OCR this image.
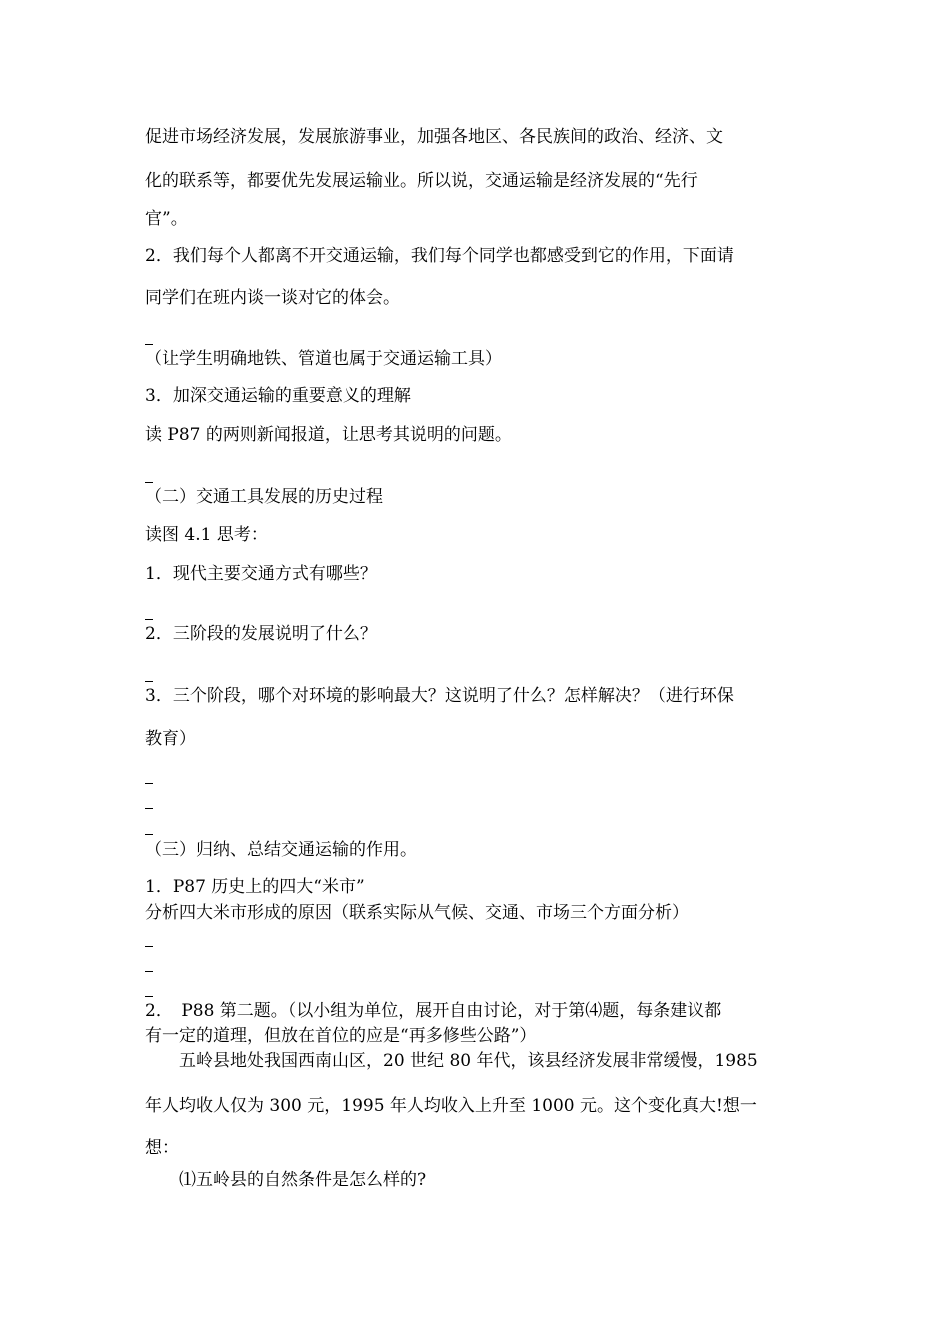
促进市场经济发展，发展旅游事业，加强各地区、各民族间的政治、经济、文
化的联系等，都要优先发展运输业。所以说，交通运输是经济发展的“先行
官”。
2．我们每个人都离不开交通运输，我们每个同学也都感受到它的作用，下面请
同学们在班内谈一谈对它的体会。
（让学生明确地铁、管道也属于交通运输工具）
3．加深交通运输的重要意义的理解
读 P87 的两则新闻报道，让思考其说明的问题。
（二）交通工具发展的历史过程
读图 4.1 思考：
1．现代主要交通方式有哪些？
2．三阶段的发展说明了什么？
3．三个阶段，哪个对环境的影响最大？这说明了什么？怎样解决？（进行环保
教育）
（三）归纳、总结交通运输的作用。
1．P87 历史上的四大“米市”
分析四大米市形成的原因（联系实际从气候、交通、市场三个方面分析）
2．　P88 第二题。（以小组为单位，展开自由讨论，对于第⑷题，每条建议都
有一定的道理，但放在首位的应是“再多修些公路”）
　　五岭县地处我国西南山区，20 世纪 80 年代，该县经济发展非常缓慢，1985
年人均收人仅为 300 元，1995 年人均收入上升至 1000 元。这个变化真大!想一
想：
　　⑴五岭县的自然条件是怎么样的?
